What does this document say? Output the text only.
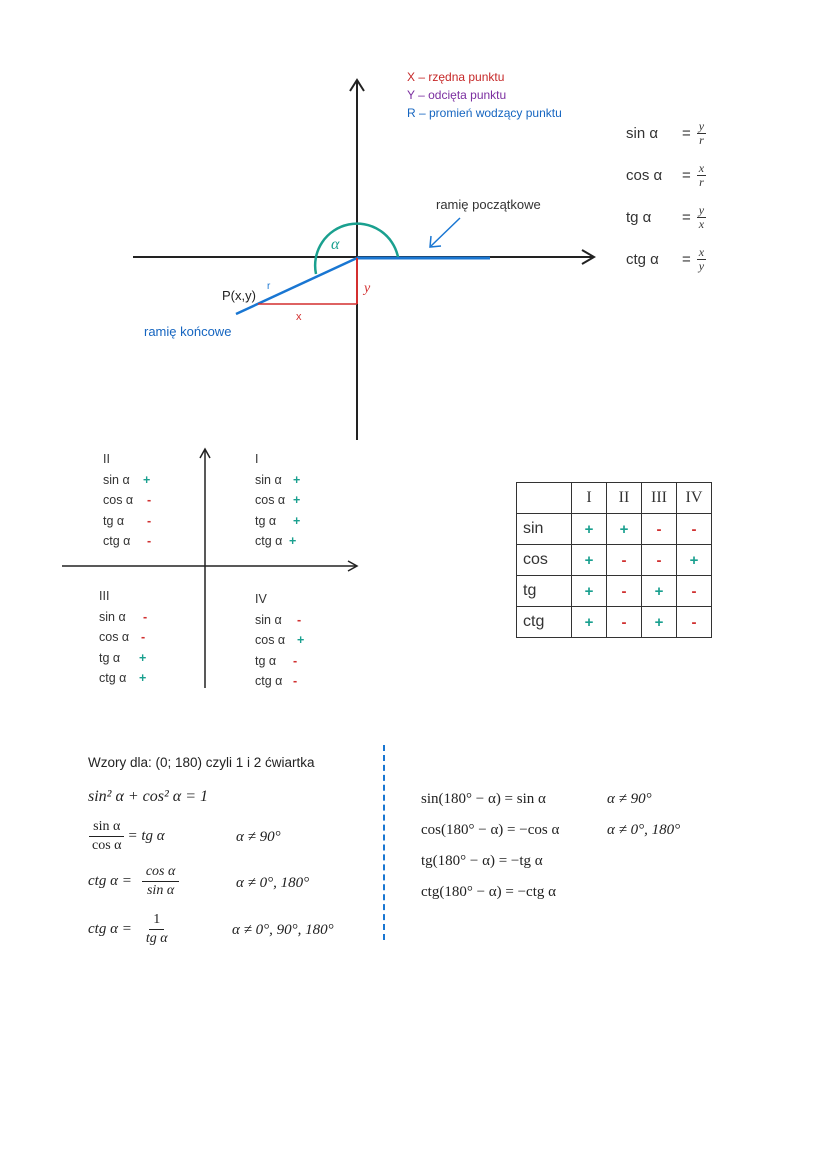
X – rzędna punktu
Y – odcięta punktu
R – promień wodzący punktu
α
r
x
y
P(x,y)
ramię początkowe
ramię końcowe
sin α	= $\frac{y}{r}$
cos α	= $\frac{x}{r}$
tg α	= $\frac{y}{x}$
ctg α	= $\frac{x}{y}$
II
sin α +
cos α -
tg α -
ctg α -
I
sin α +
cos α +
tg α +
ctg α +
III
sin α -
cos α -
tg α +
ctg α +
IV
sin α -
cos α +
tg α -
ctg α -
	I	II	III	IV
sin	+	+	-	-
cos	+	-	-	+
tg	+	-	+	-
ctg	+	-	+	-
Wzory dla: (0; 180) czyli 1 i 2 ćwiartka
sin² α + cos² α = 1
$\frac{\text{sin α}}{\text{cos α}}$ = tg α	α ≠ 90°
ctg $\alpha = \frac{\text{cos α}}{\text{sin α}}$	α ≠ 0°, 180°
ctg $\alpha = \frac{1}{\text{tg α}}$	α ≠ 0°, 90°, 180°
sin(180° − α) = sin α	α ≠ 90°
cos(180° − α) = −cos α	α ≠ 0°, 180°
tg(180° − α) = −tg α
ctg(180° − α) = −ctg α
